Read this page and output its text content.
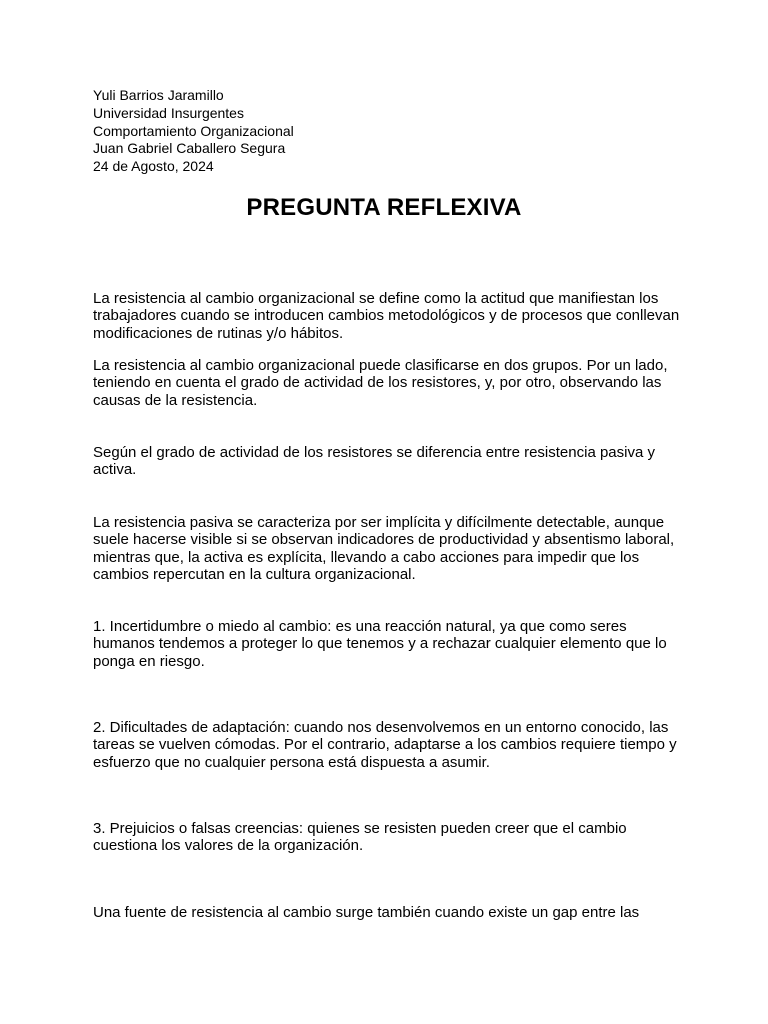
Yuli Barrios Jaramillo
Universidad Insurgentes
Comportamiento Organizacional
Juan Gabriel Caballero Segura
24 de Agosto, 2024
PREGUNTA REFLEXIVA

La resistencia al cambio organizacional se define como la actitud que manifiestan los trabajadores cuando se introducen cambios metodológicos y de procesos que conllevan modificaciones de rutinas y/o hábitos.

La resistencia al cambio organizacional puede clasificarse en dos grupos. Por un lado, teniendo en cuenta el grado de actividad de los resistores, y, por otro, observando las causas de la resistencia.

Según el grado de actividad de los resistores se diferencia entre resistencia pasiva y activa.

La resistencia pasiva se caracteriza por ser implícita y difícilmente detectable, aunque suele hacerse visible si se observan indicadores de productividad y absentismo laboral, mientras que, la activa es explícita, llevando a cabo acciones para impedir que los cambios repercutan en la cultura organizacional.

1. Incertidumbre o miedo al cambio: es una reacción natural, ya que como seres humanos tendemos a proteger lo que tenemos y a rechazar cualquier elemento que lo ponga en riesgo.

2. Dificultades de adaptación: cuando nos desenvolvemos en un entorno conocido, las tareas se vuelven cómodas. Por el contrario, adaptarse a los cambios requiere tiempo y esfuerzo que no cualquier persona está dispuesta a asumir.

3. Prejuicios o falsas creencias: quienes se resisten pueden creer que el cambio cuestiona los valores de la organización.

Una fuente de resistencia al cambio surge también cuando existe un gap entre las
